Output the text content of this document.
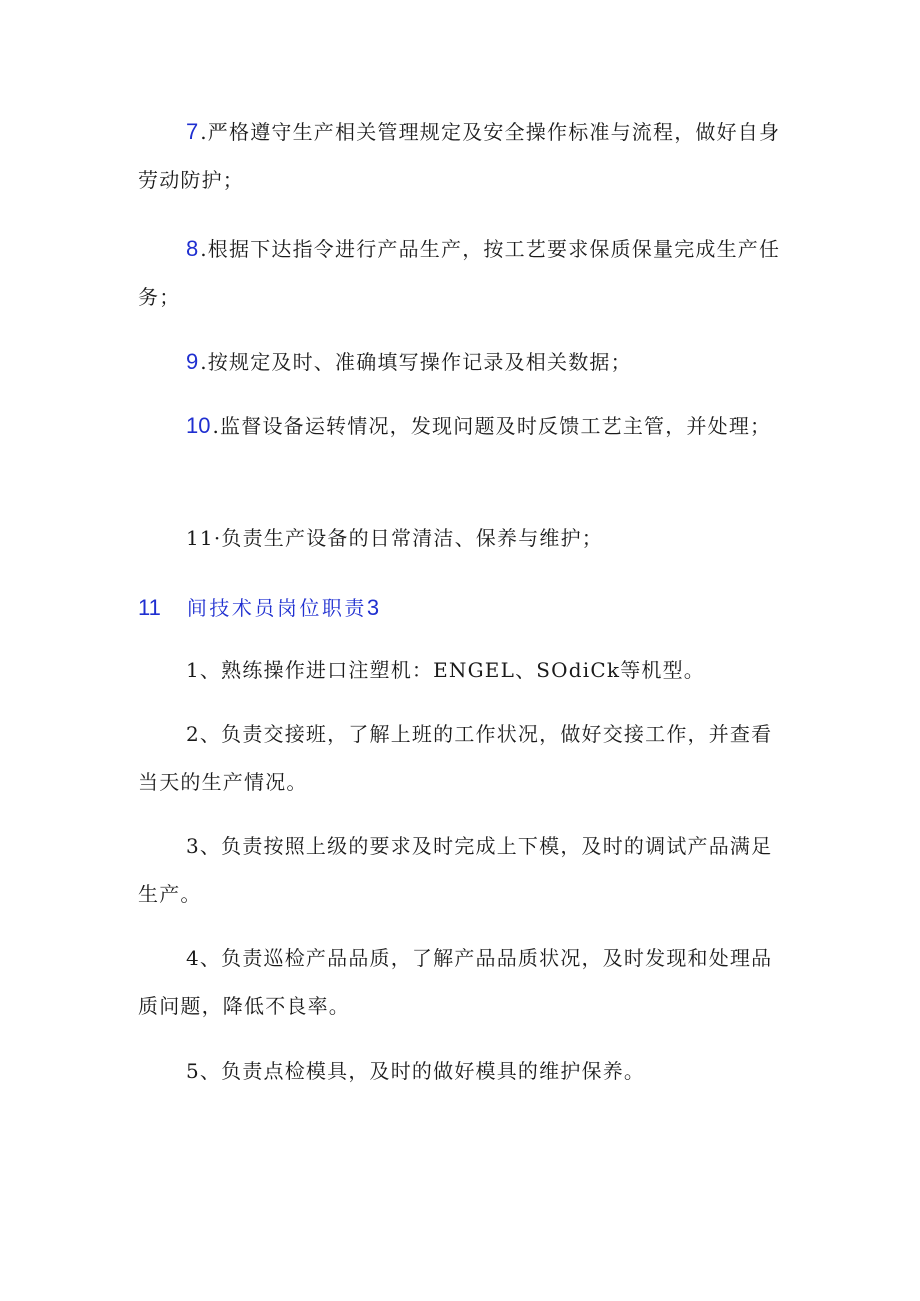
7 .严格遵守生产相关管理规定及安全操作标准与流程，做好自身劳动防护；

8 .根据下达指令进行产品生产，按工艺要求保质保量完成生产任务；

9 .按规定及时、准确填写操作记录及相关数据；

10 .监督设备运转情况，发现问题及时反馈工艺主管，并处理；

11·负责生产设备的日常清洁、保养与维护；

11 间技术员岗位职责3

1、熟练操作进口注塑机：ENGEL、SOdiCk等机型。

2、负责交接班，了解上班的工作状况，做好交接工作，并查看当天的生产情况。

3、负责按照上级的要求及时完成上下模，及时的调试产品满足生产。

4、负责巡检产品品质，了解产品品质状况，及时发现和处理品质问题，降低不良率。

5、负责点检模具，及时的做好模具的维护保养。
